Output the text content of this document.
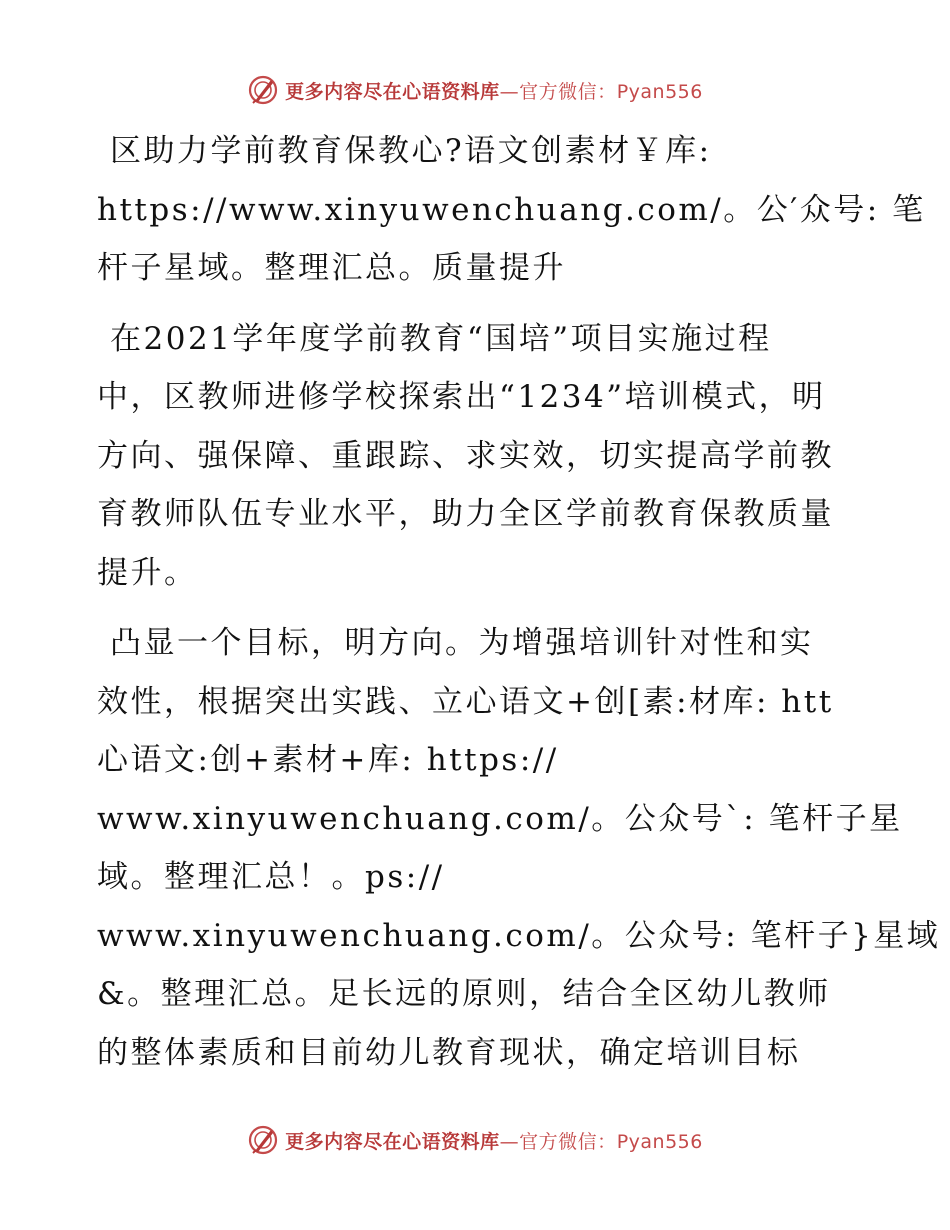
更多内容尽在心语资料库—官方微信：Pyan556

区助力学前教育保教心?语文创素材￥库:
https://www.xinyuwenchuang.com/。公′众号: 笔
杆子星域。整理汇总。质量提升

在2021学年度学前教育“国培”项目实施过程
中，区教师进修学校探索出“1234”培训模式，明
方向、强保障、重跟踪、求实效，切实提高学前教
育教师队伍专业水平，助力全区学前教育保教质量
提升。

凸显一个目标，明方向。为增强培训针对性和实
效性，根据突出实践、立心语文+创[素:材库: htt
心语文:创+素材+库: https://
www.xinyuwenchuang.com/。公众号`: 笔杆子星
域。整理汇总！。ps://
www.xinyuwenchuang.com/。公众号: 笔杆子}星域
&。整理汇总。足长远的原则，结合全区幼儿教师
的整体素质和目前幼儿教育现状，确定培训目标

更多内容尽在心语资料库—官方微信：Pyan556
